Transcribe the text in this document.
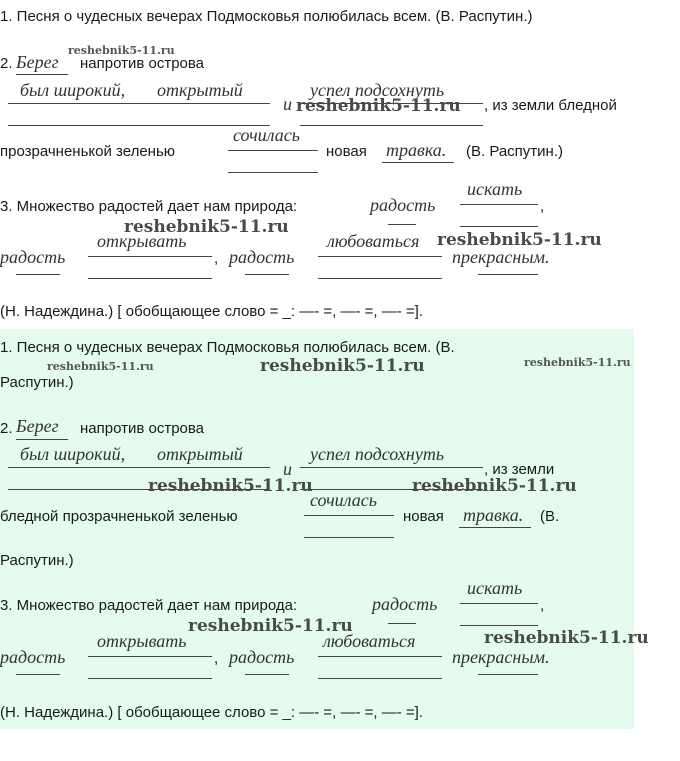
1. Песня о чудесных вечерах Подмосковья полюбилась всем. (В. Распутин.)
2. Берег напротив острова
был широкий, открытый
и
успел подсохнуть
, из земли бледной
прозрачненькой зеленью
сочилась
новая травка. (В. Распутин.)
3. Множество радостей дает нам природа:	радость
искать
,
радость
открывать
, радость
любоваться
прекрасным.
(Н. Надеждина.) [ обобщающее слово = _: —- =, —- =, —- =].
reshebnik5-11.ru
reshebnik5-11.ru
reshebnik5-11.ru
reshebnik5-11.ru
1. Песня о чудесных вечерах Подмосковья полюбилась всем. (В.
Распутин.)
2. Берег напротив острова
был широкий, открытый
и
успел подсохнуть
, из земли
бледной прозрачненькой зеленью
сочилась
новая травка. (В.
Распутин.)
3. Множество радостей дает нам природа:	радость
искать
,
радость
открывать
, радость
любоваться
прекрасным.
(Н. Надеждина.) [ обобщающее слово = _: —- =, —- =, —- =].
reshebnik5-11.ru	reshebnik5-11.ru	reshebnik5-11.ru
reshebnik5-11.ru	reshebnik5-11.ru
reshebnik5-11.ru
reshebnik5-11.ru
